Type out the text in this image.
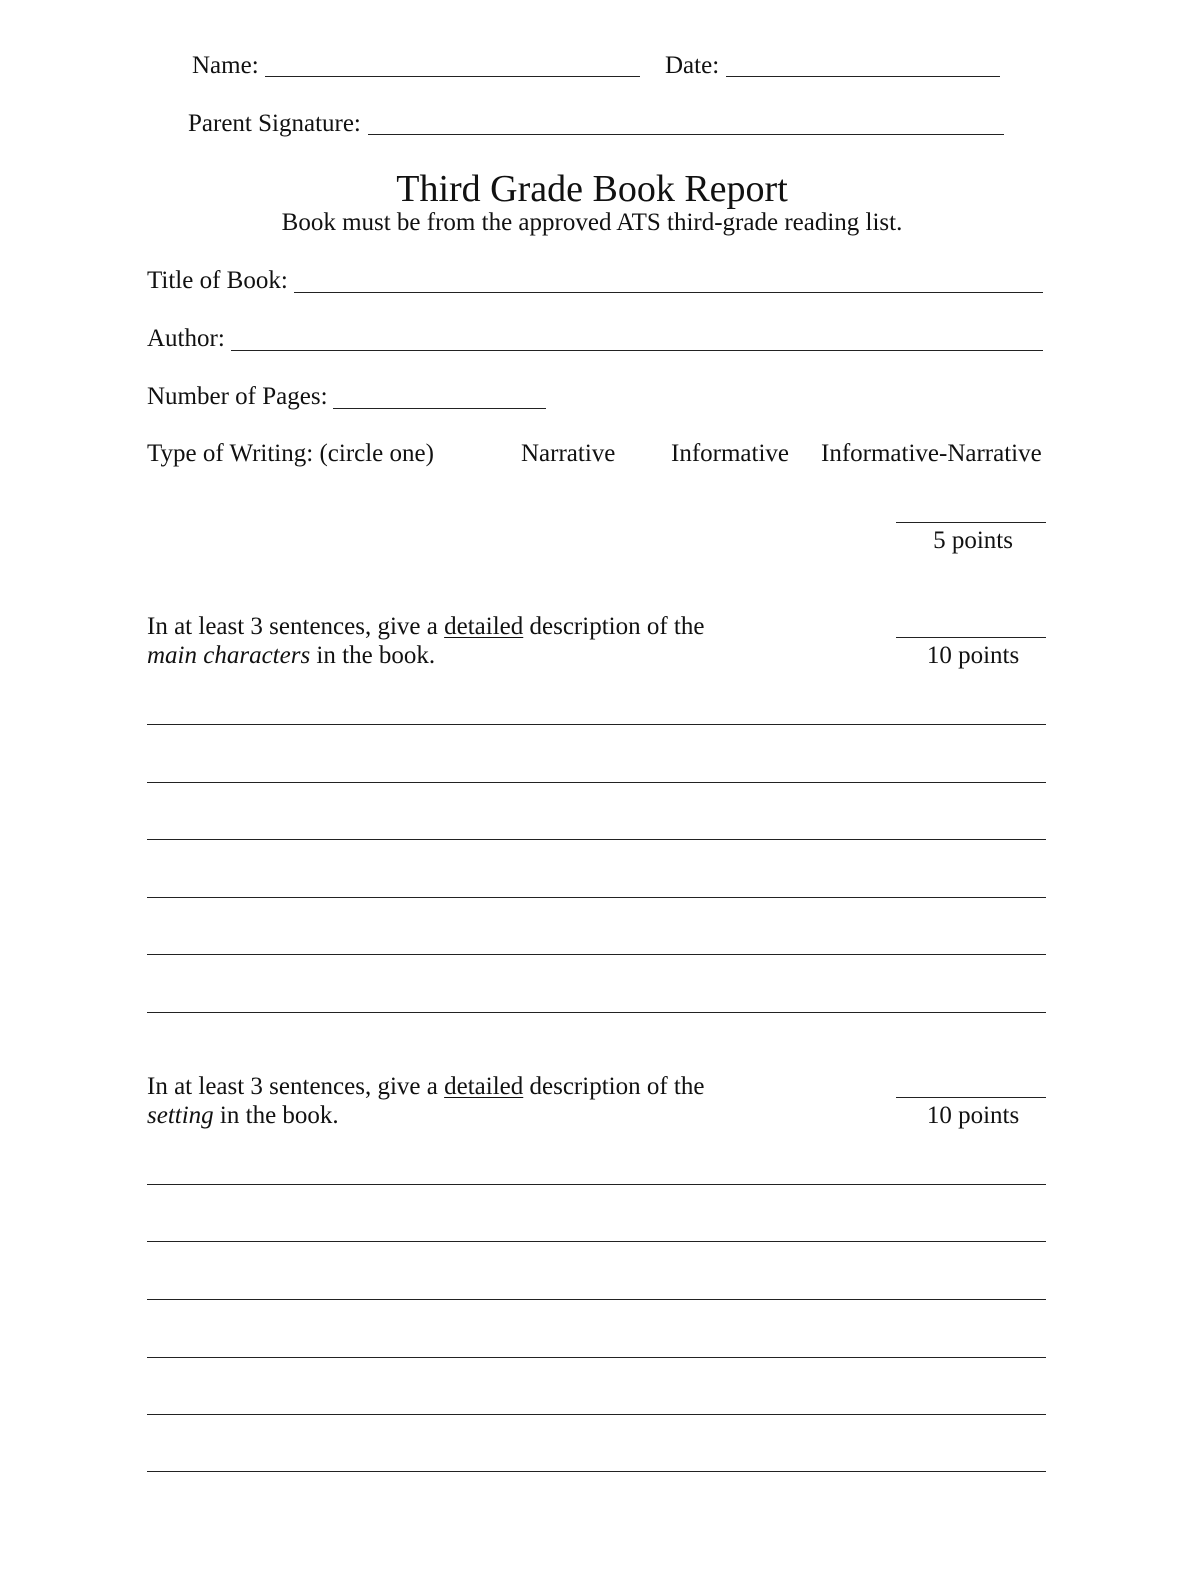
Name:	Date:
Parent Signature:
Third Grade Book Report
Book must be from the approved ATS third-grade reading list.
Title of Book:
Author:
Number of Pages:
Type of Writing: (circle one)	Narrative Informative Informative-Narrative
5 points
In at least 3 sentences, give a detailed description of the
main characters in the book.	10 points
In at least 3 sentences, give a detailed description of the
setting in the book.	10 points
